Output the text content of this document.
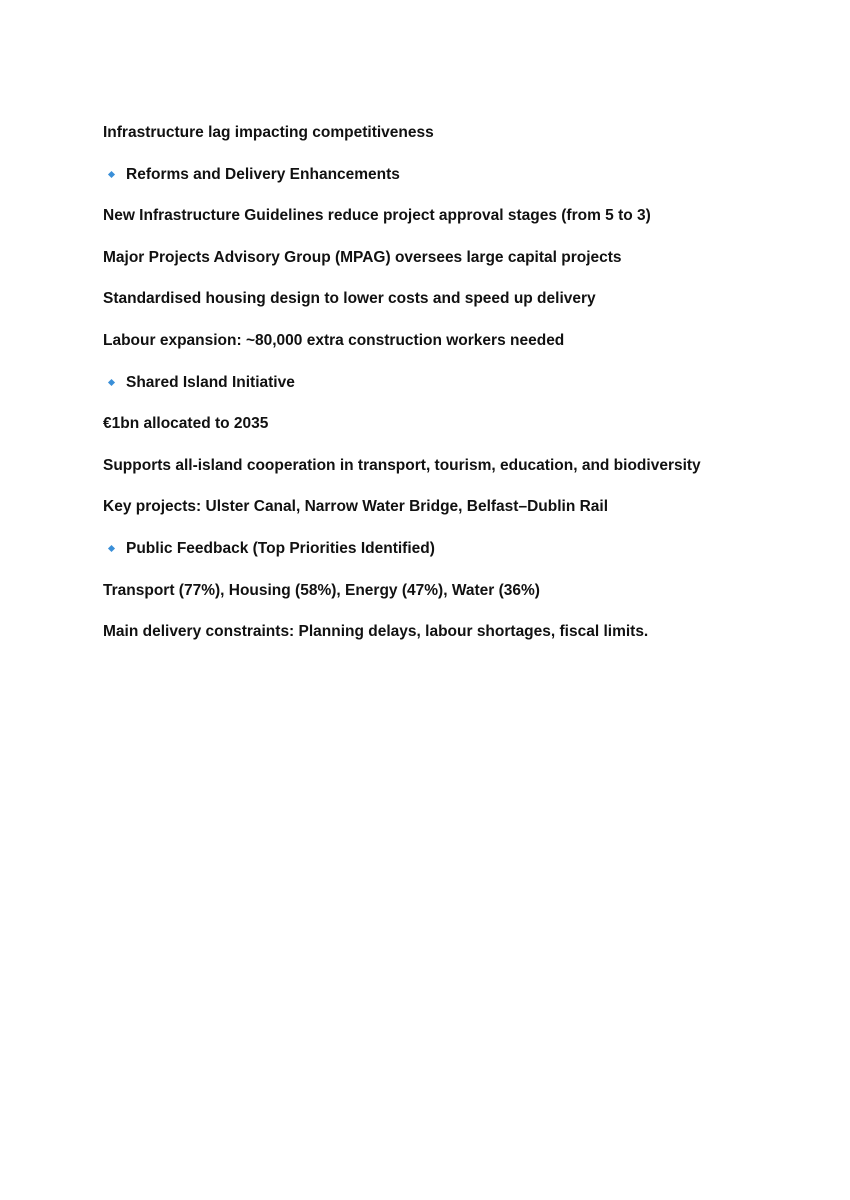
Infrastructure lag impacting competitiveness
Reforms and Delivery Enhancements
New Infrastructure Guidelines reduce project approval stages (from 5 to 3)
Major Projects Advisory Group (MPAG) oversees large capital projects
Standardised housing design to lower costs and speed up delivery
Labour expansion: ~80,000 extra construction workers needed
Shared Island Initiative
€1bn allocated to 2035
Supports all-island cooperation in transport, tourism, education, and biodiversity
Key projects: Ulster Canal, Narrow Water Bridge, Belfast–Dublin Rail
Public Feedback (Top Priorities Identified)
Transport (77%), Housing (58%), Energy (47%), Water (36%)
Main delivery constraints: Planning delays, labour shortages, fiscal limits.
